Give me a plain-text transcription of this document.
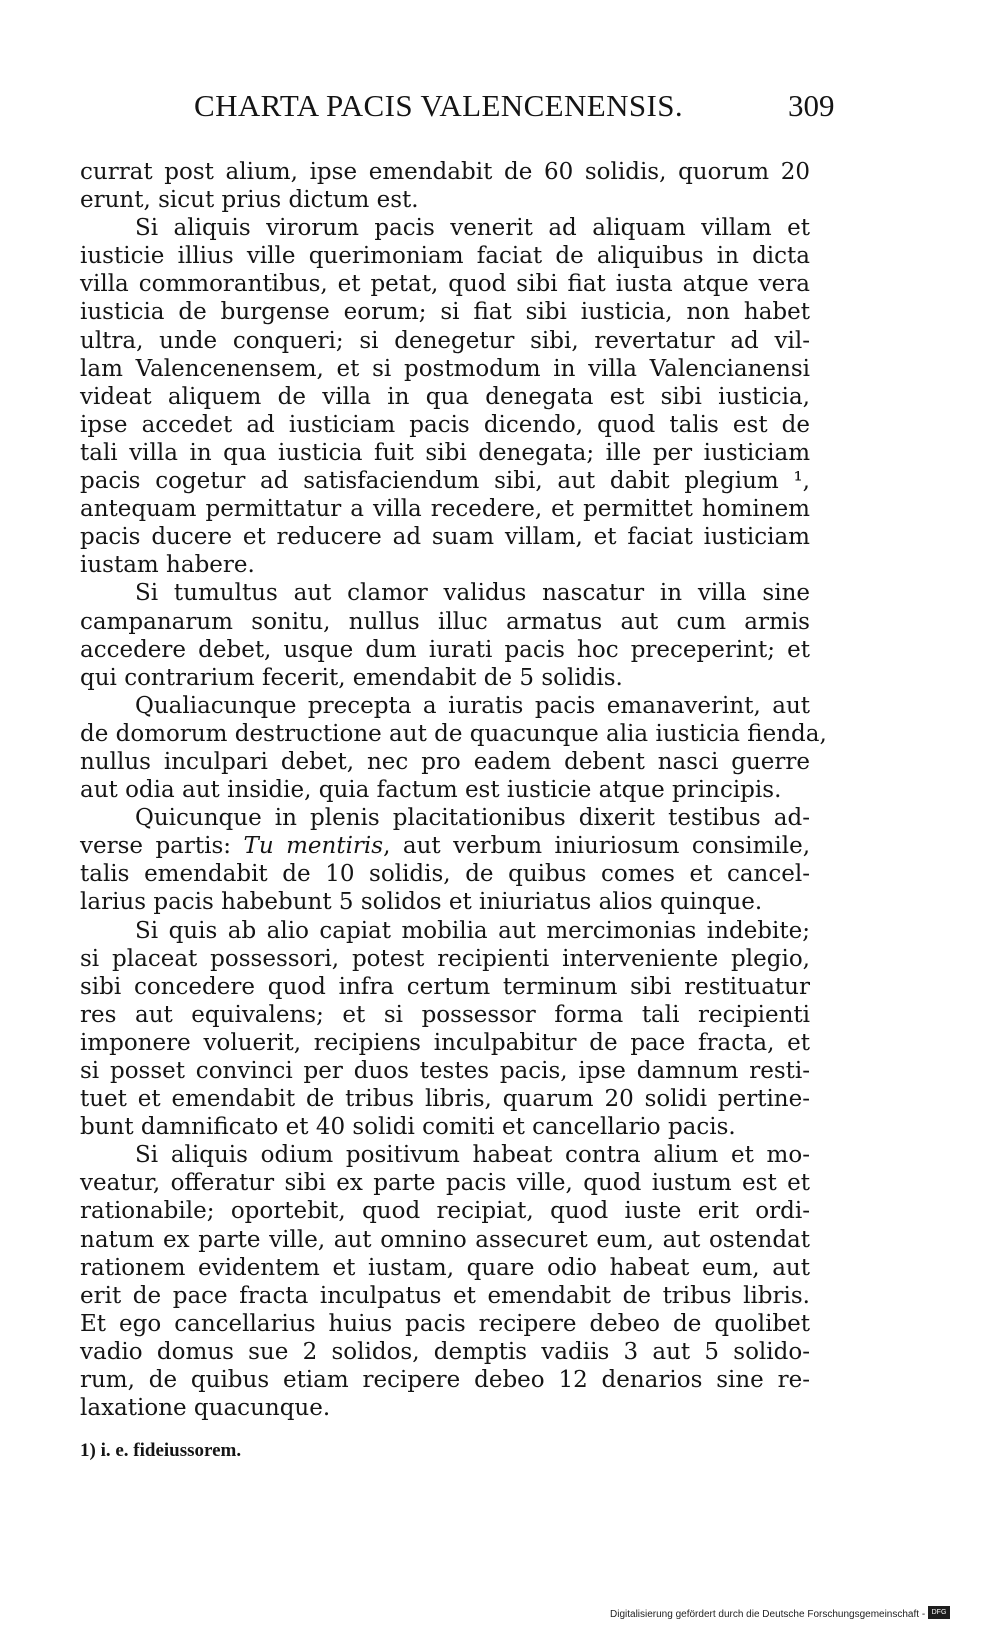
CHARTA PACIS VALENCENENSIS.	309
currat post alium, ipse emendabit de 60 solidis, quorum 20
erunt, sicut prius dictum est.
Si aliquis virorum pacis venerit ad aliquam villam et
iusticie illius ville querimoniam faciat de aliquibus in dicta
villa commorantibus, et petat, quod sibi fiat iusta atque vera
iusticia de burgense eorum; si fiat sibi iusticia, non habet
ultra, unde conqueri; si denegetur sibi, revertatur ad vil-
lam Valencenensem, et si postmodum in villa Valencianensi
videat aliquem de villa in qua denegata est sibi iusticia,
ipse accedet ad iusticiam pacis dicendo, quod talis est de
tali villa in qua iusticia fuit sibi denegata; ille per iusticiam
pacis cogetur ad satisfaciendum sibi, aut dabit plegium ¹,
antequam permittatur a villa recedere, et permittet hominem
pacis ducere et reducere ad suam villam, et faciat iusticiam
iustam habere.
Si tumultus aut clamor validus nascatur in villa sine
campanarum sonitu, nullus illuc armatus aut cum armis
accedere debet, usque dum iurati pacis hoc preceperint; et
qui contrarium fecerit, emendabit de 5 solidis.
Qualiacunque precepta a iuratis pacis emanaverint, aut
de domorum destructione aut de quacunque alia iusticia fienda,
nullus inculpari debet, nec pro eadem debent nasci guerre
aut odia aut insidie, quia factum est iusticie atque principis.
Quicunque in plenis placitationibus dixerit testibus ad-
verse partis: Tu mentiris, aut verbum iniuriosum consimile,
talis emendabit de 10 solidis, de quibus comes et cancel-
larius pacis habebunt 5 solidos et iniuriatus alios quinque.
Si quis ab alio capiat mobilia aut mercimonias indebite;
si placeat possessori, potest recipienti interveniente plegio,
sibi concedere quod infra certum terminum sibi restituatur
res aut equivalens; et si possessor forma tali recipienti
imponere voluerit, recipiens inculpabitur de pace fracta, et
si posset convinci per duos testes pacis, ipse damnum resti-
tuet et emendabit de tribus libris, quarum 20 solidi pertine-
bunt damnificato et 40 solidi comiti et cancellario pacis.
Si aliquis odium positivum habeat contra alium et mo-
veatur, offeratur sibi ex parte pacis ville, quod iustum est et
rationabile; oportebit, quod recipiat, quod iuste erit ordi-
natum ex parte ville, aut omnino assecuret eum, aut ostendat
rationem evidentem et iustam, quare odio habeat eum, aut
erit de pace fracta inculpatus et emendabit de tribus libris.
Et ego cancellarius huius pacis recipere debeo de quolibet
vadio domus sue 2 solidos, demptis vadiis 3 aut 5 solido-
rum, de quibus etiam recipere debeo 12 denarios sine re-
laxatione quacunque.
1) i. e. fideiussorem.
Digitalisierung gefördert durch die Deutsche Forschungsgemeinschaft - DFG
